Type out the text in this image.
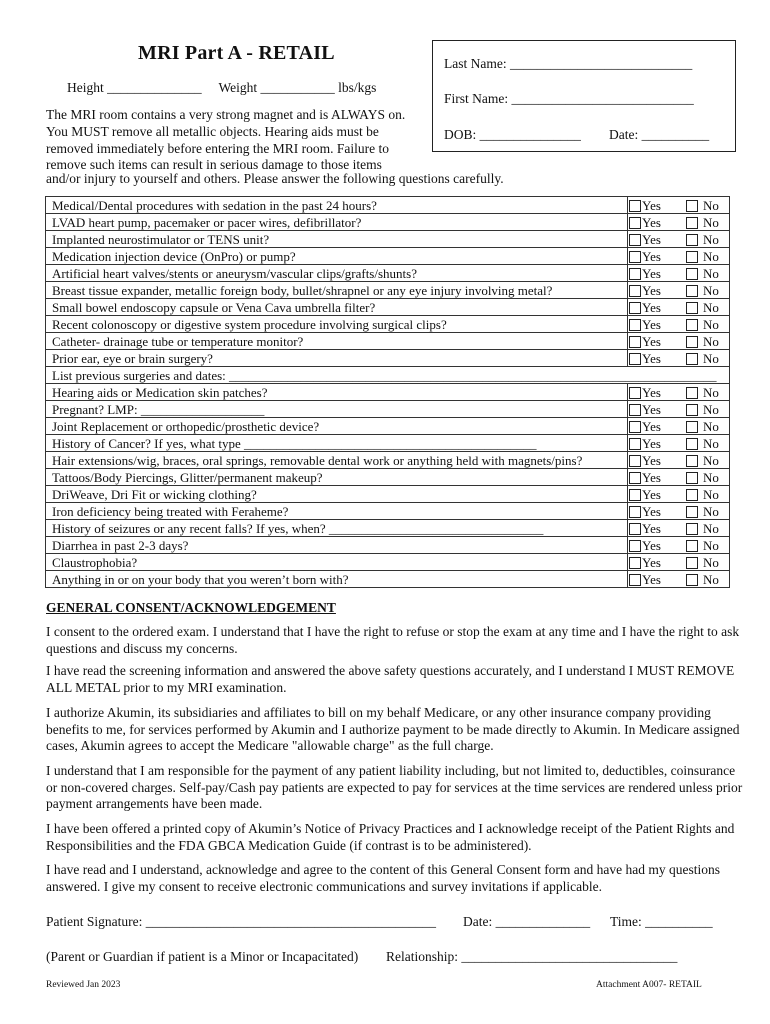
MRI Part A - RETAIL
Height ______________ Weight ___________ lbs/kgs
The MRI room contains a very strong magnet and is ALWAYS on.
You MUST remove all metallic objects. Hearing aids must be
removed immediately before entering the MRI room. Failure to
remove such items can result in serious damage to those items
and/or injury to yourself and others. Please answer the following questions carefully.
Last Name: ___________________________
First Name: ___________________________
DOB: _______________ Date: __________
Medical/Dental procedures with sedation in the past 24 hours?	Yes No

LVAD heart pump, pacemaker or pacer wires, defibrillator?	Yes No

Implanted neurostimulator or TENS unit?	Yes No

Medication injection device (OnPro) or pump?	Yes No

Artificial heart valves/stents or aneurysm/vascular clips/grafts/shunts?	Yes No

Breast tissue expander, metallic foreign body, bullet/shrapnel or any eye injury involving metal?	Yes No

Small bowel endoscopy capsule or Vena Cava umbrella filter?	Yes No

Recent colonoscopy or digestive system procedure involving surgical clips?	Yes No

Catheter- drainage tube or temperature monitor?	Yes No

Prior ear, eye or brain surgery?	Yes No

List previous surgeries and dates: ___________________________________________________________________________	
Hearing aids or Medication skin patches?	Yes No

Pregnant? LMP: ___________________	Yes No

Joint Replacement or orthopedic/prosthetic device?	Yes No

History of Cancer? If yes, what type _____________________________________________	Yes No

Hair extensions/wig, braces, oral springs, removable dental work or anything held with magnets/pins?	Yes No

Tattoos/Body Piercings, Glitter/permanent makeup?	Yes No

DriWeave, Dri Fit or wicking clothing?	Yes No

Iron deficiency being treated with Feraheme?	Yes No

History of seizures or any recent falls? If yes, when? _________________________________	Yes No

Diarrhea in past 2-3 days?	Yes No

Claustrophobia?	Yes No

Anything in or on your body that you weren’t born with?	Yes No
GENERAL CONSENT/ACKNOWLEDGEMENT
I consent to the ordered exam. I understand that I have the right to refuse or stop the exam at any time and I have the right to ask questions and discuss my concerns.
I have read the screening information and answered the above safety questions accurately, and I understand I MUST REMOVE ALL METAL prior to my MRI examination.
I authorize Akumin, its subsidiaries and affiliates to bill on my behalf Medicare, or any other insurance company providing benefits to me, for services performed by Akumin and I authorize payment to be made directly to Akumin. In Medicare assigned cases, Akumin agrees to accept the Medicare "allowable charge" as the full charge.
I understand that I am responsible for the payment of any patient liability including, but not limited to, deductibles, coinsurance or non-covered charges. Self-pay/Cash pay patients are expected to pay for services at the time services are rendered unless prior payment arrangements have been made.
I have been offered a printed copy of Akumin’s Notice of Privacy Practices and I acknowledge receipt of the Patient Rights and Responsibilities and the FDA GBCA Medication Guide (if contrast is to be administered).
I have read and I understand, acknowledge and agree to the content of this General Consent form and have had my questions answered. I give my consent to receive electronic communications and survey invitations if applicable.
Patient Signature: ___________________________________________ Date: ______________ Time: __________
(Parent or Guardian if patient is a Minor or Incapacitated) Relationship: ________________________________
Reviewed Jan 2023	Attachment A007- RETAIL
